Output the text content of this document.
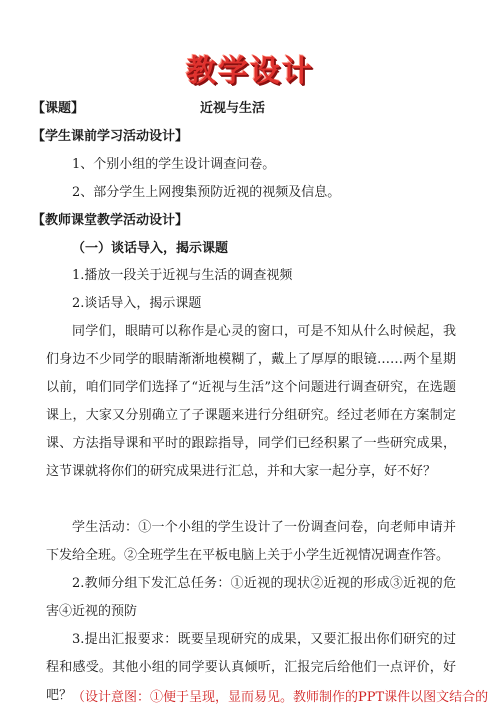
教学设计
【课题】	近视与生活
【学生课前学习活动设计】
1、个别小组的学生设计调查问卷。
2、部分学生上网搜集预防近视的视频及信息。
【教师课堂教学活动设计】
（一）谈话导入，揭示课题
1.播放一段关于近视与生活的调查视频
2.谈话导入，揭示课题
同学们，眼睛可以称作是心灵的窗口，可是不知从什么时候起，我们身边不少同学的眼睛渐渐地模糊了，戴上了厚厚的眼镜……两个星期以前，咱们同学们选择了“近视与生活”这个问题进行调查研究，在选题课上，大家又分别确立了子课题来进行分组研究。经过老师在方案制定课、方法指导课和平时的跟踪指导，同学们已经积累了一些研究成果，这节课就将你们的研究成果进行汇总，并和大家一起分享，好不好？
学生活动：①一个小组的学生设计了一份调查问卷，向老师申请并下发给全班。②全班学生在平板电脑上关于小学生近视情况调查作答。
2.教师分组下发汇总任务：①近视的现状②近视的形成③近视的危害④近视的预防
3.提出汇报要求：既要呈现研究的成果，又要汇报出你们研究的过程和感受。其他小组的同学要认真倾听，汇报完后给他们一点评价，好吧？ （设计意图：①便于呈现，显而易见。教师制作的PPT课件以图文结合的
